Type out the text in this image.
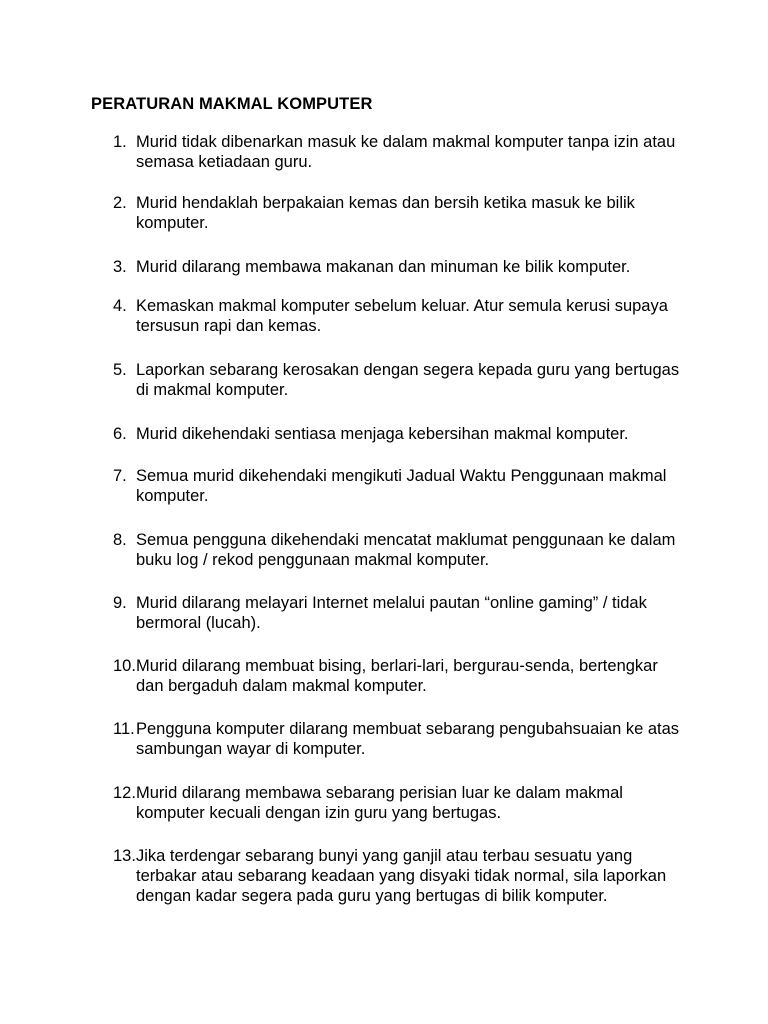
PERATURAN MAKMAL KOMPUTER
1. Murid tidak dibenarkan masuk ke dalam makmal komputer tanpa izin atau semasa ketiadaan guru.
2. Murid hendaklah berpakaian kemas dan bersih ketika masuk ke bilik komputer.
3. Murid dilarang membawa makanan dan minuman ke bilik komputer.
4. Kemaskan makmal komputer sebelum keluar. Atur semula kerusi supaya tersusun rapi dan kemas.
5. Laporkan sebarang kerosakan dengan segera kepada guru yang bertugas di makmal komputer.
6. Murid dikehendaki sentiasa menjaga kebersihan makmal komputer.
7. Semua murid dikehendaki mengikuti Jadual Waktu Penggunaan makmal komputer.
8. Semua pengguna dikehendaki mencatat maklumat penggunaan ke dalam buku log / rekod penggunaan makmal komputer.
9. Murid dilarang melayari Internet melalui pautan “online gaming” / tidak bermoral (lucah).
10. Murid dilarang membuat bising, berlari-lari, bergurau-senda, bertengkar dan bergaduh dalam makmal komputer.
11. Pengguna komputer dilarang membuat sebarang pengubahsuaian ke atas sambungan wayar di komputer.
12. Murid dilarang membawa sebarang perisian luar ke dalam makmal komputer kecuali dengan izin guru yang bertugas.
13. Jika terdengar sebarang bunyi yang ganjil atau terbau sesuatu yang terbakar atau sebarang keadaan yang disyaki tidak normal, sila laporkan dengan kadar segera pada guru yang bertugas di bilik komputer.
